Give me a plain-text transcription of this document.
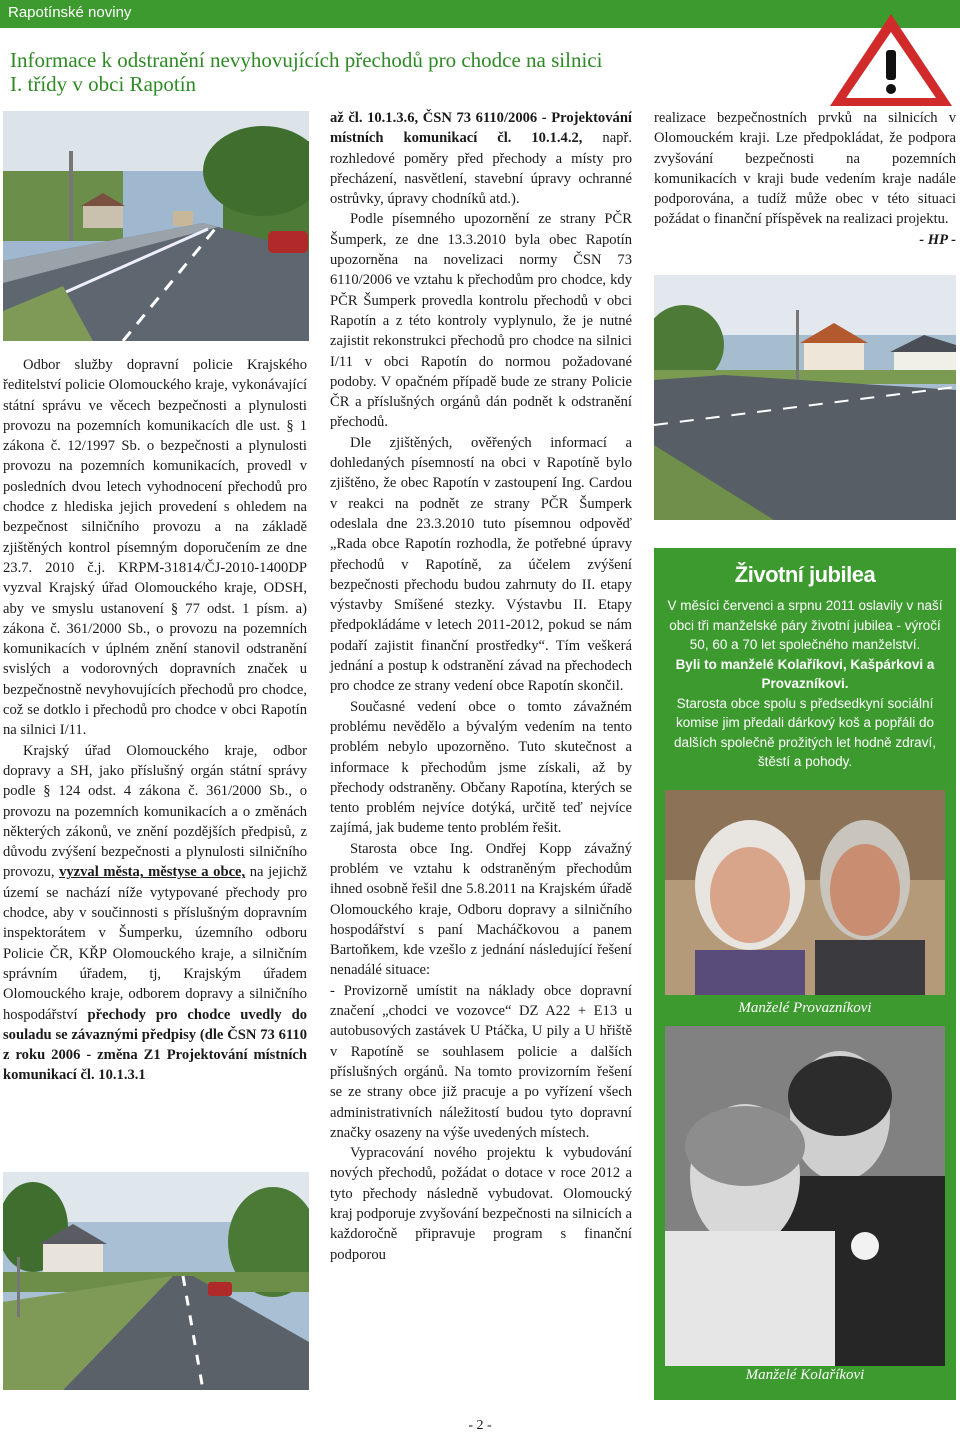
Rapotínské noviny
Informace k odstranění nevyhovujících přechodů pro chodce na silnici
I. třídy v obci Rapotín

Odbor služby dopravní policie Krajského ředitelství policie Olomouckého kraje, vykonávající státní správu ve věcech bezpečnosti a plynulosti provozu na pozemních komunikacích dle ust. § 1 zákona č. 12/1997 Sb. o bezpečnosti a plynulosti provozu na pozemních komunikacích, provedl v posledních dvou letech vyhodnocení přechodů pro chodce z hlediska jejich provedení s ohledem na bezpečnost silničního provozu a na základě zjištěných kontrol písemným doporučením ze dne 23.7. 2010 č.j. KRPM-31814/ČJ-2010-1400DP vyzval Krajský úřad Olomouckého kraje, ODSH, aby ve smyslu ustanovení § 77 odst. 1 písm. a) zákona č. 361/2000 Sb., o provozu na pozemních komunikacích v úplném znění stanovil odstranění svislých a vodorovných dopravních značek u bezpečnostně nevyhovujících přechodů pro chodce, což se dotklo i přechodů pro chodce v obci Rapotín na silnici I/11.

Krajský úřad Olomouckého kraje, odbor dopravy a SH, jako příslušný orgán státní správy podle § 124 odst. 4 zákona č. 361/2000 Sb., o provozu na pozemních komunikacích a o změnách některých zákonů, ve znění pozdějších předpisů, z důvodu zvýšení bezpečnosti a plynulosti silničního provozu, vyzval města, městyse a obce, na jejichž území se nachází níže vytypované přechody pro chodce, aby v součinnosti s příslušným dopravním inspektorátem v Šumperku, územního odboru Policie ČR, KŘP Olomouckého kraje, a silničním správním úřadem, tj, Krajským úřadem Olomouckého kraje, odborem dopravy a silničního hospodářství přechody pro chodce uvedly do souladu se závaznými předpisy (dle ČSN 73 6110 z roku 2006 - změna Z1 Projektování místních komunikací čl. 10.1.3.1

až čl. 10.1.3.6, ČSN 73 6110/2006 - Projektování místních komunikací čl. 10.1.4.2, např. rozhledové poměry před přechody a místy pro přecházení, nasvětlení, stavební úpravy ochranné ostrůvky, úpravy chodníků atd.).

Podle písemného upozornění ze strany PČR Šumperk, ze dne 13.3.2010 byla obec Rapotín upozorněna na novelizaci normy ČSN 73 6110/2006 ve vztahu k přechodům pro chodce, kdy PČR Šumperk provedla kontrolu přechodů v obci Rapotín a z této kontroly vyplynulo, že je nutné zajistit rekonstrukci přechodů pro chodce na silnici I/11 v obci Rapotín do normou požadované podoby. V opačném případě bude ze strany Policie ČR a příslušných orgánů dán podnět k odstranění přechodů.

Dle zjištěných, ověřených informací a dohledaných písemností na obci v Rapotíně bylo zjištěno, že obec Rapotín v zastoupení Ing. Cardou v reakci na podnět ze strany PČR Šumperk odeslala dne 23.3.2010 tuto písemnou odpověď „Rada obce Rapotín rozhodla, že potřebné úpravy přechodů v Rapotíně, za účelem zvýšení bezpečnosti přechodu budou zahrnuty do II. etapy výstavby Smíšené stezky. Výstavbu II. Etapy předpokládáme v letech 2011-2012, pokud se nám podaří zajistit finanční prostředky“. Tím veškerá jednání a postup k odstranění závad na přechodech pro chodce ze strany vedení obce Rapotín skončil.

Současné vedení obce o tomto závažném problému nevědělo a bývalým vedením na tento problém nebylo upozorněno. Tuto skutečnost a informace k přechodům jsme získali, až by přechody odstraněny. Občany Rapotína, kterých se tento problém nejvíce dotýká, určitě teď nejvíce zajímá, jak budeme tento problém řešit.

Starosta obce Ing. Ondřej Kopp závažný problém ve vztahu k odstraněným přechodům ihned osobně řešil dne 5.8.2011 na Krajském úřadě Olomouckého kraje, Odboru dopravy a silničního hospodářství s paní Macháčkovou a panem Bartoňkem, kde vzešlo z jednání následující řešení nenadálé situace:

- Provizorně umístit na náklady obce dopravní značení „chodci ve vozovce“ DZ A22 + E13 u autobusových zastávek U Ptáčka, U pily a U hřiště v Rapotíně se souhlasem policie a dalších příslušných orgánů. Na tomto provizorním řešení se ze strany obce již pracuje a po vyřízení všech administrativních náležitostí budou tyto dopravní značky osazeny na výše uvedených místech.

Vypracování nového projektu k vybudování nových přechodů, požádat o dotace v roce 2012 a tyto přechody následně vybudovat. Olomoucký kraj podporuje zvyšování bezpečnosti na silnicích a každoročně připravuje program s finanční podporou

realizace bezpečnostních prvků na silnicích v Olomouckém kraji. Lze předpokládat, že podpora zvyšování bezpečnosti na pozemních komunikacích v kraji bude vedením kraje nadále podporována, a tudíž může obec v této situaci požádat o finanční příspěvek na realizaci projektu.

- HP -

Životní jubilea
V měsíci červenci a srpnu 2011 oslavily v naší obci tři manželské páry životní jubilea - výročí 50, 60 a 70 let společného manželství.
Byli to manželé Kolaříkovi, Kašpárkovi a Provazníkovi.
Starosta obce spolu s předsedkyní sociální komise jim předali dárkový koš a popřáli do dalších společně prožitých let hodně zdraví, štěstí a pohody.
Manželé Provazníkovi
Manželé Kolaříkovi
- 2 -
